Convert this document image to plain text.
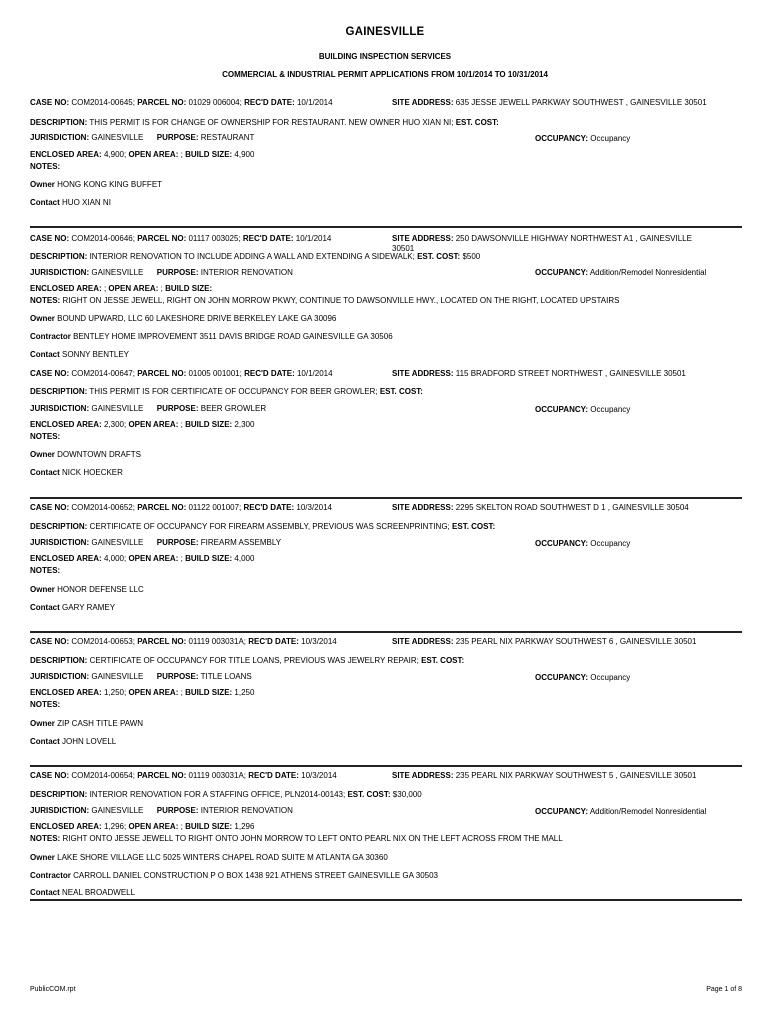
GAINESVILLE
BUILDING INSPECTION SERVICES
COMMERCIAL & INDUSTRIAL PERMIT APPLICATIONS FROM 10/1/2014 TO 10/31/2014
CASE NO: COM2014-00645; PARCEL NO: 01029 006004; REC'D DATE: 10/1/2014	SITE ADDRESS: 635 JESSE JEWELL PARKWAY SOUTHWEST , GAINESVILLE 30501
DESCRIPTION: THIS PERMIT IS FOR CHANGE OF OWNERSHIP FOR RESTAURANT. NEW OWNER HUO XIAN NI; EST. COST:
JURISDICTION: GAINESVILLE PURPOSE: RESTAURANT	OCCUPANCY: Occupancy
ENCLOSED AREA: 4,900; OPEN AREA: ; BUILD SIZE: 4,900
NOTES:
Owner HONG KONG KING BUFFET
Contact HUO XIAN NI
CASE NO: COM2014-00646; PARCEL NO: 01117 003025; REC'D DATE: 10/1/2014	SITE ADDRESS: 250 DAWSONVILLE HIGHWAY NORTHWEST A1 , GAINESVILLE 30501
DESCRIPTION: INTERIOR RENOVATION TO INCLUDE ADDING A WALL AND EXTENDING A SIDEWALK; EST. COST: $500
JURISDICTION: GAINESVILLE PURPOSE: INTERIOR RENOVATION	OCCUPANCY: Addition/Remodel Nonresidential
ENCLOSED AREA: ; OPEN AREA: ; BUILD SIZE:
NOTES: RIGHT ON JESSE JEWELL, RIGHT ON JOHN MORROW PKWY, CONTINUE TO DAWSONVILLE HWY., LOCATED ON THE RIGHT, LOCATED UPSTAIRS
Owner BOUND UPWARD, LLC 60 LAKESHORE DRIVE BERKELEY LAKE GA 30096
Contractor BENTLEY HOME IMPROVEMENT 3511 DAVIS BRIDGE ROAD GAINESVILLE GA 30506
Contact SONNY BENTLEY
CASE NO: COM2014-00647; PARCEL NO: 01005 001001; REC'D DATE: 10/1/2014	SITE ADDRESS: 115 BRADFORD STREET NORTHWEST , GAINESVILLE 30501
DESCRIPTION: THIS PERMIT IS FOR CERTIFICATE OF OCCUPANCY FOR BEER GROWLER; EST. COST:
JURISDICTION: GAINESVILLE PURPOSE: BEER GROWLER	OCCUPANCY: Occupancy
ENCLOSED AREA: 2,300; OPEN AREA: ; BUILD SIZE: 2,300
NOTES:
Owner DOWNTOWN DRAFTS
Contact NICK HOECKER
CASE NO: COM2014-00652; PARCEL NO: 01122 001007; REC'D DATE: 10/3/2014	SITE ADDRESS: 2295 SKELTON ROAD SOUTHWEST D 1 , GAINESVILLE 30504
DESCRIPTION: CERTIFICATE OF OCCUPANCY FOR FIREARM ASSEMBLY, PREVIOUS WAS SCREENPRINTING; EST. COST:
JURISDICTION: GAINESVILLE PURPOSE: FIREARM ASSEMBLY	OCCUPANCY: Occupancy
ENCLOSED AREA: 4,000; OPEN AREA: ; BUILD SIZE: 4,000
NOTES:
Owner HONOR DEFENSE LLC
Contact GARY RAMEY
CASE NO: COM2014-00653; PARCEL NO: 01119 003031A; REC'D DATE: 10/3/2014	SITE ADDRESS: 235 PEARL NIX PARKWAY SOUTHWEST 6 , GAINESVILLE 30501
DESCRIPTION: CERTIFICATE OF OCCUPANCY FOR TITLE LOANS, PREVIOUS WAS JEWELRY REPAIR; EST. COST:
JURISDICTION: GAINESVILLE PURPOSE: TITLE LOANS	OCCUPANCY: Occupancy
ENCLOSED AREA: 1,250; OPEN AREA: ; BUILD SIZE: 1,250
NOTES:
Owner ZIP CASH TITLE PAWN
Contact JOHN LOVELL
CASE NO: COM2014-00654; PARCEL NO: 01119 003031A; REC'D DATE: 10/3/2014	SITE ADDRESS: 235 PEARL NIX PARKWAY SOUTHWEST 5 , GAINESVILLE 30501
DESCRIPTION: INTERIOR RENOVATION FOR A STAFFING OFFICE, PLN2014-00143; EST. COST: $30,000
JURISDICTION: GAINESVILLE PURPOSE: INTERIOR RENOVATION	OCCUPANCY: Addition/Remodel Nonresidential
ENCLOSED AREA: 1,296; OPEN AREA: ; BUILD SIZE: 1,296
NOTES: RIGHT ONTO JESSE JEWELL TO RIGHT ONTO JOHN MORROW TO LEFT ONTO PEARL NIX ON THE LEFT ACROSS FROM THE MALL
Owner LAKE SHORE VILLAGE LLC 5025 WINTERS CHAPEL ROAD SUITE M ATLANTA GA 30360
Contractor CARROLL DANIEL CONSTRUCTION P O BOX 1438 921 ATHENS STREET GAINESVILLE GA 30503
Contact NEAL BROADWELL
PublicCOM.rpt	Page 1 of 8
